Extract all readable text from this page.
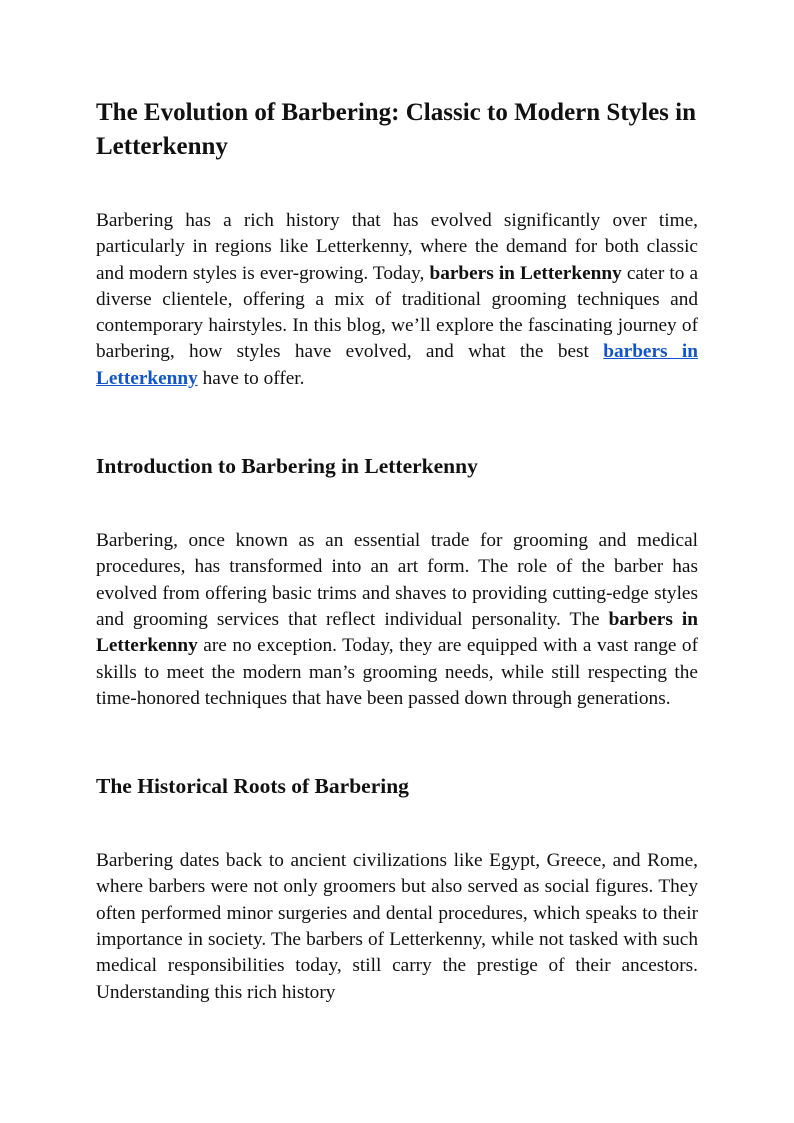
The Evolution of Barbering: Classic to Modern Styles in Letterkenny

Barbering has a rich history that has evolved significantly over time, particularly in regions like Letterkenny, where the demand for both classic and modern styles is ever-growing. Today, barbers in Letterkenny cater to a diverse clientele, offering a mix of traditional grooming techniques and contemporary hairstyles. In this blog, we’ll explore the fascinating journey of barbering, how styles have evolved, and what the best barbers in Letterkenny have to offer.

Introduction to Barbering in Letterkenny

Barbering, once known as an essential trade for grooming and medical procedures, has transformed into an art form. The role of the barber has evolved from offering basic trims and shaves to providing cutting-edge styles and grooming services that reflect individual personality. The barbers in Letterkenny are no exception. Today, they are equipped with a vast range of skills to meet the modern man’s grooming needs, while still respecting the time-honored techniques that have been passed down through generations.

The Historical Roots of Barbering

Barbering dates back to ancient civilizations like Egypt, Greece, and Rome, where barbers were not only groomers but also served as social figures. They often performed minor surgeries and dental procedures, which speaks to their importance in society. The barbers of Letterkenny, while not tasked with such medical responsibilities today, still carry the prestige of their ancestors. Understanding this rich history
